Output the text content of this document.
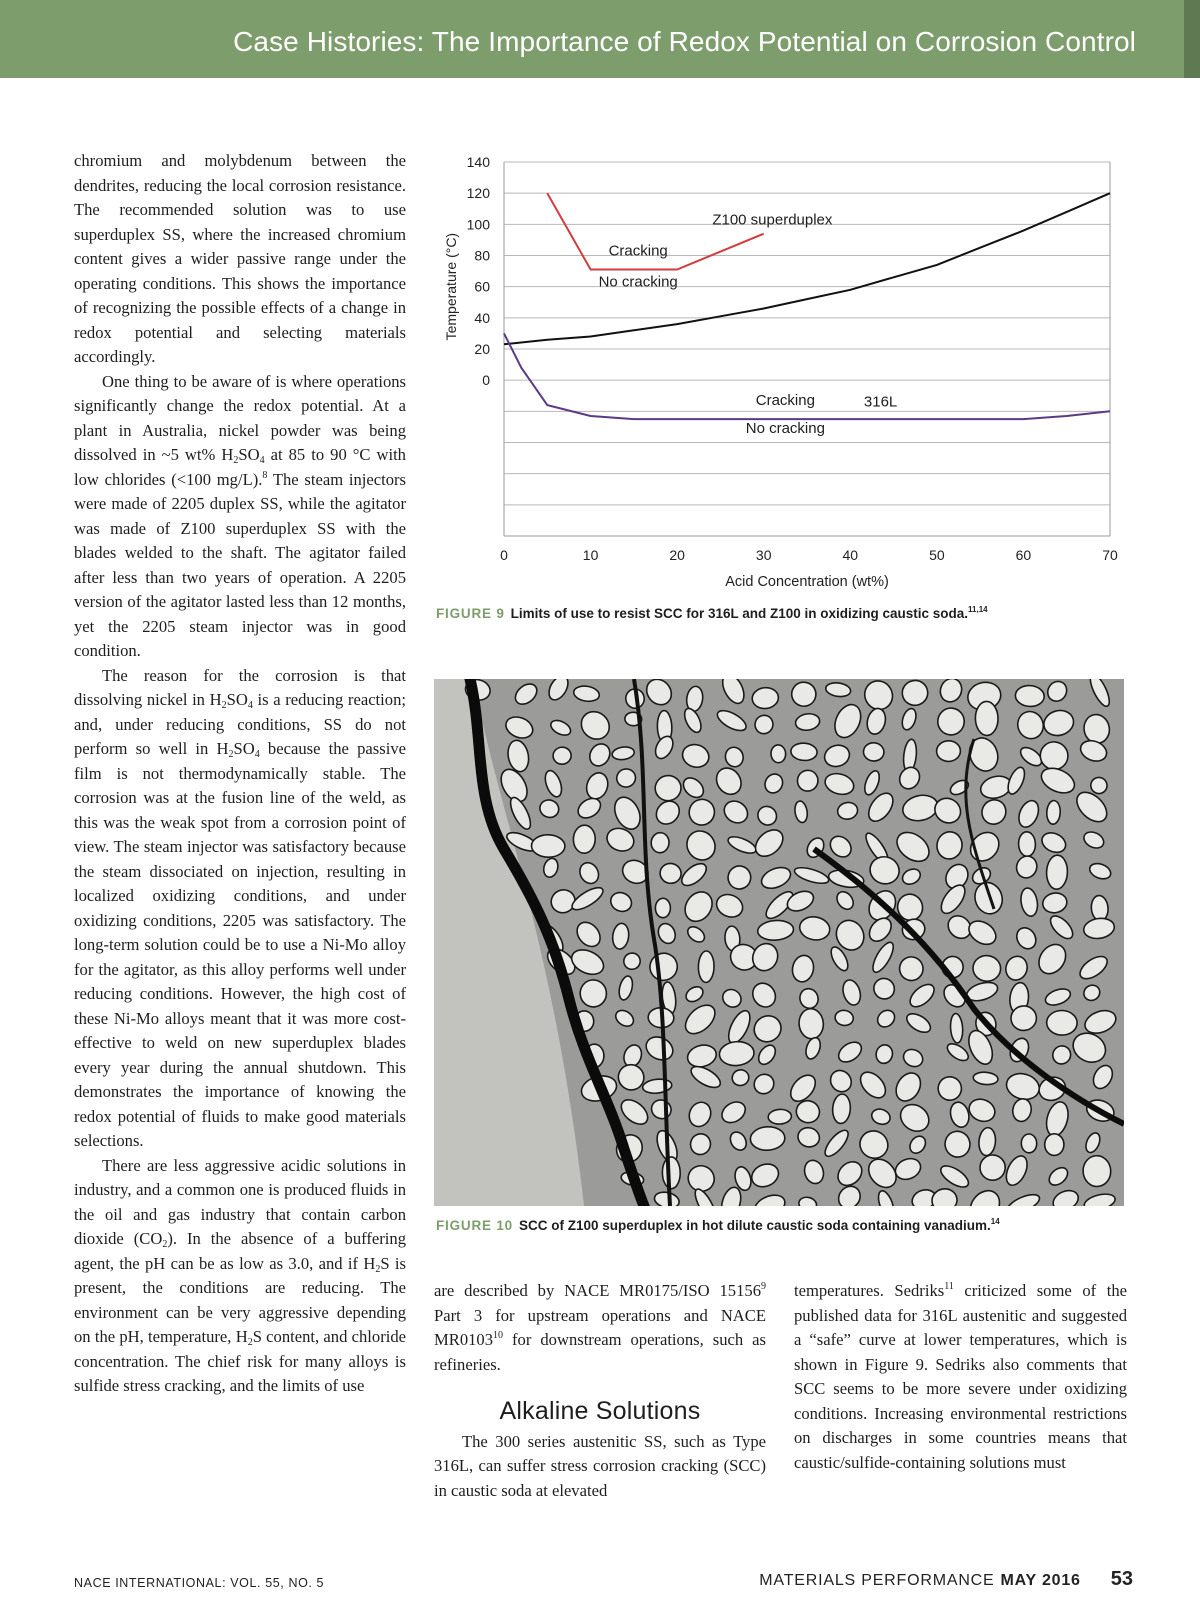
Case Histories: The Importance of Redox Potential on Corrosion Control

chromium and molybdenum between the dendrites, reducing the local corrosion resistance. The recommended solution was to use superduplex SS, where the increased chromium content gives a wider passive range under the operating conditions. This shows the importance of recognizing the possible effects of a change in redox potential and selecting materials accordingly.

One thing to be aware of is where operations significantly change the redox potential. At a plant in Australia, nickel powder was being dissolved in ~5 wt% $H_2SO_4$ at 85 to 90 °C with low chlorides (<100 mg/L).$^8$ The steam injectors were made of 2205 duplex SS, while the agitator was made of Z100 superduplex SS with the blades welded to the shaft. The agitator failed after less than two years of operation. A 2205 version of the agitator lasted less than 12 months, yet the 2205 steam injector was in good condition.

The reason for the corrosion is that dissolving nickel in $H_2SO_4$ is a reducing reaction; and, under reducing conditions, SS do not perform so well in $H_2SO_4$ because the passive film is not thermodynamically stable. The corrosion was at the fusion line of the weld, as this was the weak spot from a corrosion point of view. The steam injector was satisfactory because the steam dissociated on injection, resulting in localized oxidizing conditions, and under oxidizing conditions, 2205 was satisfactory. The long-term solution could be to use a Ni-Mo alloy for the agitator, as this alloy performs well under reducing conditions. However, the high cost of these Ni-Mo alloys meant that it was more cost-effective to weld on new superduplex blades every year during the annual shutdown. This demonstrates the importance of knowing the redox potential of fluids to make good materials selections.

There are less aggressive acidic solutions in industry, and a common one is produced fluids in the oil and gas industry that contain carbon dioxide $(CO_2)$. In the absence of a buffering agent, the pH can be as low as 3.0, and if $H_2S$ is present, the conditions are reducing. The environment can be very aggressive depending on the pH, temperature, $H_2S$ content, and chloride concentration. The chief risk for many alloys is sulfide stress cracking, and the limits of use

0
20
40
60
80
100
120
140
0	10	20	30	40	50	60	70
Acid Concentration (wt%)
Temperature (°C)
Z100 superduplex
Cracking
No cracking
Cracking	316L
No cracking
FIGURE 9 Limits of use to resist SCC for 316L and Z100 in oxidizing caustic soda.$^{11,14}$
FIGURE 10 SCC of Z100 superduplex in hot dilute caustic soda containing vanadium.$^{14}$

are described by NACE MR0175/ISO 15156$^9$ Part 3 for upstream operations and NACE MR0103$^{10}$ for downstream operations, such as refineries.

Alkaline Solutions

The 300 series austenitic SS, such as Type 316L, can suffer stress corrosion cracking (SCC) in caustic soda at elevated

temperatures. Sedriks$^{11}$ criticized some of the published data for 316L austenitic and suggested a “safe” curve at lower temperatures, which is shown in Figure 9. Sedriks also comments that SCC seems to be more severe under oxidizing conditions. Increasing environmental restrictions on discharges in some countries means that caustic/sulfide-containing solutions must

NACE INTERNATIONAL: VOL. 55, NO. 5	MATERIALS PERFORMANCE MAY 2016 53
